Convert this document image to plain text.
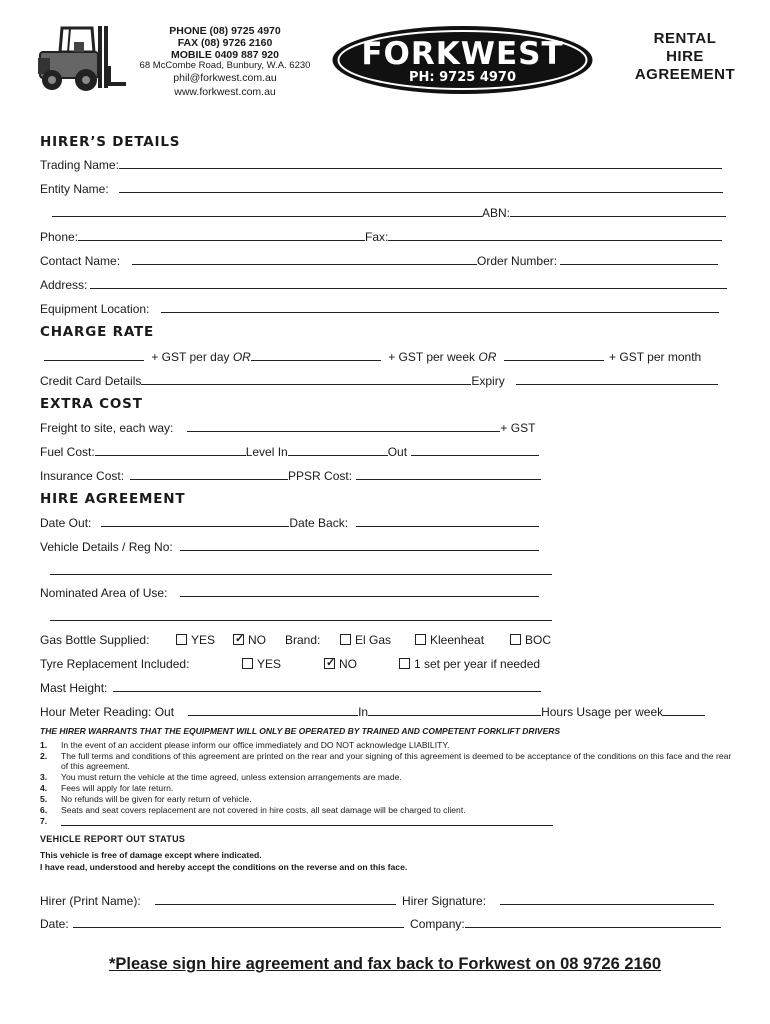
PHONE (08) 9725 4970
FAX (08) 9726 2160
MOBILE 0409 887 920
68 McCombe Road, Bunbury, W.A. 6230
phil@forkwest.com.au
www.forkwest.com.au
FORKWEST
PH: 9725 4970
RENTAL
HIRE
AGREEMENT
HIRER’S DETAILS
Trading Name:
Entity Name:
ABN:
Phone:	Fax:
Contact Name:	Order Number:
Address:
Equipment Location:
CHARGE RATE
+ GST per day OR	+ GST per week OR	+ GST per month
Credit Card Details	Expiry
EXTRA COST
Freight to site, each way:	+ GST
Fuel Cost:	Level In	Out
Insurance Cost:	PPSR Cost:
HIRE AGREEMENT
Date Out:	Date Back:
Vehicle Details / Reg No:
Nominated Area of Use:
Gas Bottle Supplied:	YES ✓	NO Brand:	El Gas	Kleenheat	BOC
Tyre Replacement Included:	YES ✓	NO	1 set per year if needed
Mast Height:
Hour Meter Reading: Out	In	Hours Usage per week
THE HIRER WARRANTS THAT THE EQUIPMENT WILL ONLY BE OPERATED BY TRAINED AND COMPETENT FORKLIFT DRIVERS
1. In the event of an accident please inform our office immediately and DO NOT acknowledge LIABILITY.
2. The full terms and conditions of this agreement are printed on the rear and your signing of this agreement is deemed to be acceptance of the conditions on this face and the rear of this agreement.
3. You must return the vehicle at the time agreed, unless extension arrangements are made.
4. Fees will apply for late return.
5. No refunds will be given for early return of vehicle.
6. Seats and seat covers replacement are not covered in hire costs, all seat damage will be charged to client.
7.
VEHICLE REPORT OUT STATUS
This vehicle is free of damage except where indicated.
I have read, understood and hereby accept the conditions on the reverse and on this face.
Hirer (Print Name):	Hirer Signature:
Date:	Company:
*Please sign hire agreement and fax back to Forkwest on 08 9726 2160
